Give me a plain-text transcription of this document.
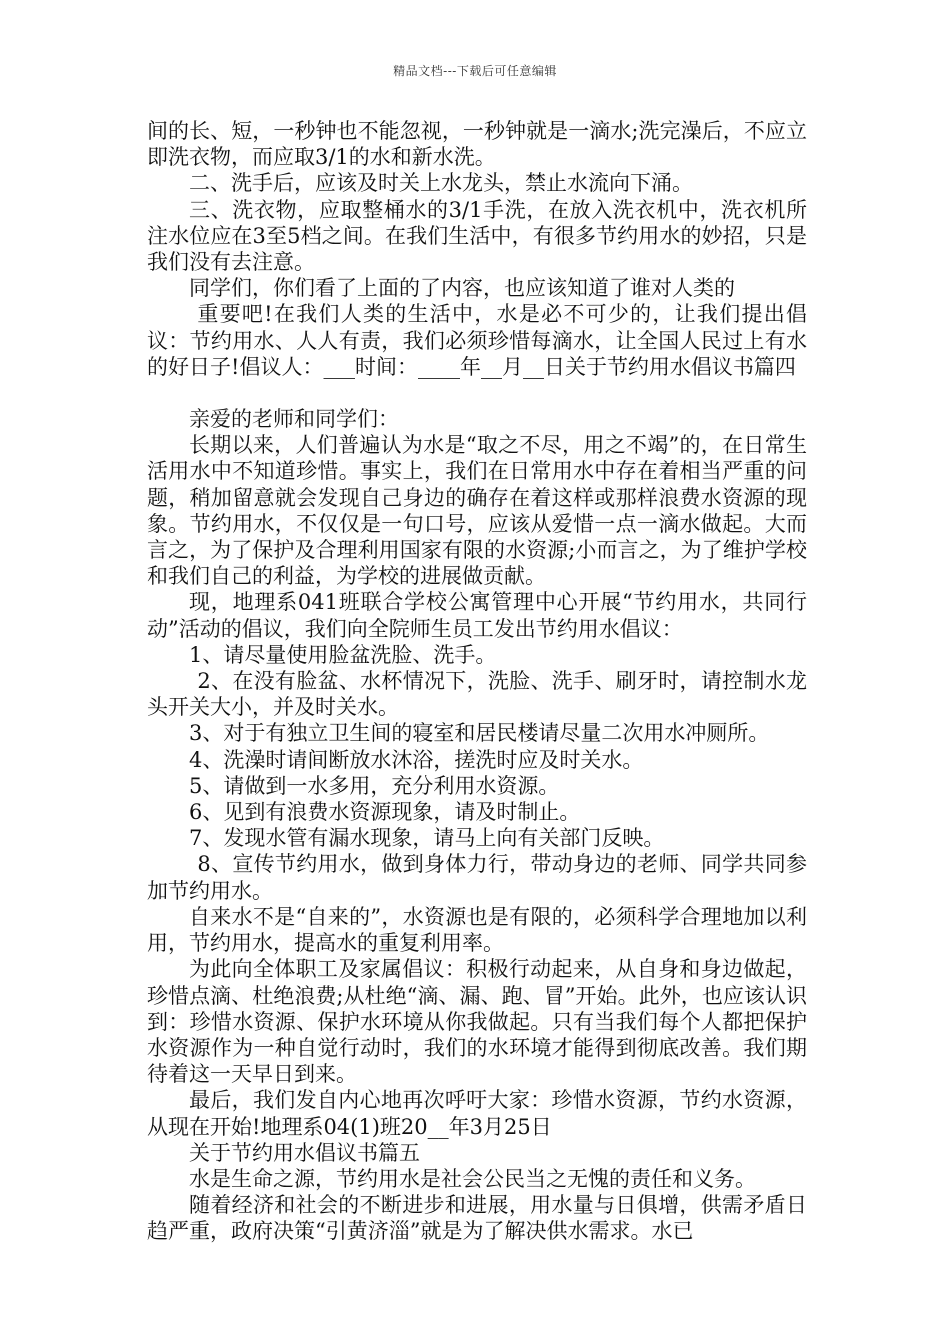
精品文档---下载后可任意编辑

间的长、短，一秒钟也不能忽视，一秒钟就是一滴水;洗完澡后，不应立即洗衣物，而应取3/1的水和新水洗。

二、洗手后，应该及时关上水龙头，禁止水流向下涌。

三、洗衣物，应取整桶水的3/1手洗，在放入洗衣机中，洗衣机所注水位应在3至5档之间。在我们生活中，有很多节约用水的妙招，只是我们没有去注意。

同学们，你们看了上面的了内容，也应该知道了谁对人类的

重要吧!在我们人类的生活中，水是必不可少的，让我们提出倡议：节约用水、人人有责，我们必须珍惜每滴水，让全国人民过上有水的好日子!倡议人：___时间：____年__月__日关于节约用水倡议书篇四

亲爱的老师和同学们：

长期以来，人们普遍认为水是“取之不尽，用之不竭”的，在日常生活用水中不知道珍惜。事实上，我们在日常用水中存在着相当严重的问题，稍加留意就会发现自己身边的确存在着这样或那样浪费水资源的现象。节约用水，不仅仅是一句口号，应该从爱惜一点一滴水做起。大而言之，为了保护及合理利用国家有限的水资源;小而言之，为了维护学校和我们自己的利益，为学校的进展做贡献。

现，地理系041班联合学校公寓管理中心开展“节约用水，共同行动”活动的倡议，我们向全院师生员工发出节约用水倡议：

1、请尽量使用脸盆洗脸、洗手。

2、在没有脸盆、水杯情况下，洗脸、洗手、刷牙时，请控制水龙头开关大小，并及时关水。

3、对于有独立卫生间的寝室和居民楼请尽量二次用水冲厕所。

4、洗澡时请间断放水沐浴，搓洗时应及时关水。

5、请做到一水多用，充分利用水资源。

6、见到有浪费水资源现象，请及时制止。

7、发现水管有漏水现象，请马上向有关部门反映。

8、宣传节约用水，做到身体力行，带动身边的老师、同学共同参加节约用水。

自来水不是“自来的”，水资源也是有限的，必须科学合理地加以利用，节约用水，提高水的重复利用率。

为此向全体职工及家属倡议：积极行动起来，从自身和身边做起，珍惜点滴、杜绝浪费;从杜绝“滴、漏、跑、冒”开始。此外，也应该认识到：珍惜水资源、保护水环境从你我做起。只有当我们每个人都把保护水资源作为一种自觉行动时，我们的水环境才能得到彻底改善。我们期待着这一天早日到来。

最后，我们发自内心地再次呼吁大家：珍惜水资源，节约水资源，从现在开始!地理系04(1)班20__年3月25日

关于节约用水倡议书篇五

水是生命之源，节约用水是社会公民当之无愧的责任和义务。

随着经济和社会的不断进步和进展，用水量与日俱增，供需矛盾日趋严重，政府决策“引黄济淄”就是为了解决供水需求。水已
